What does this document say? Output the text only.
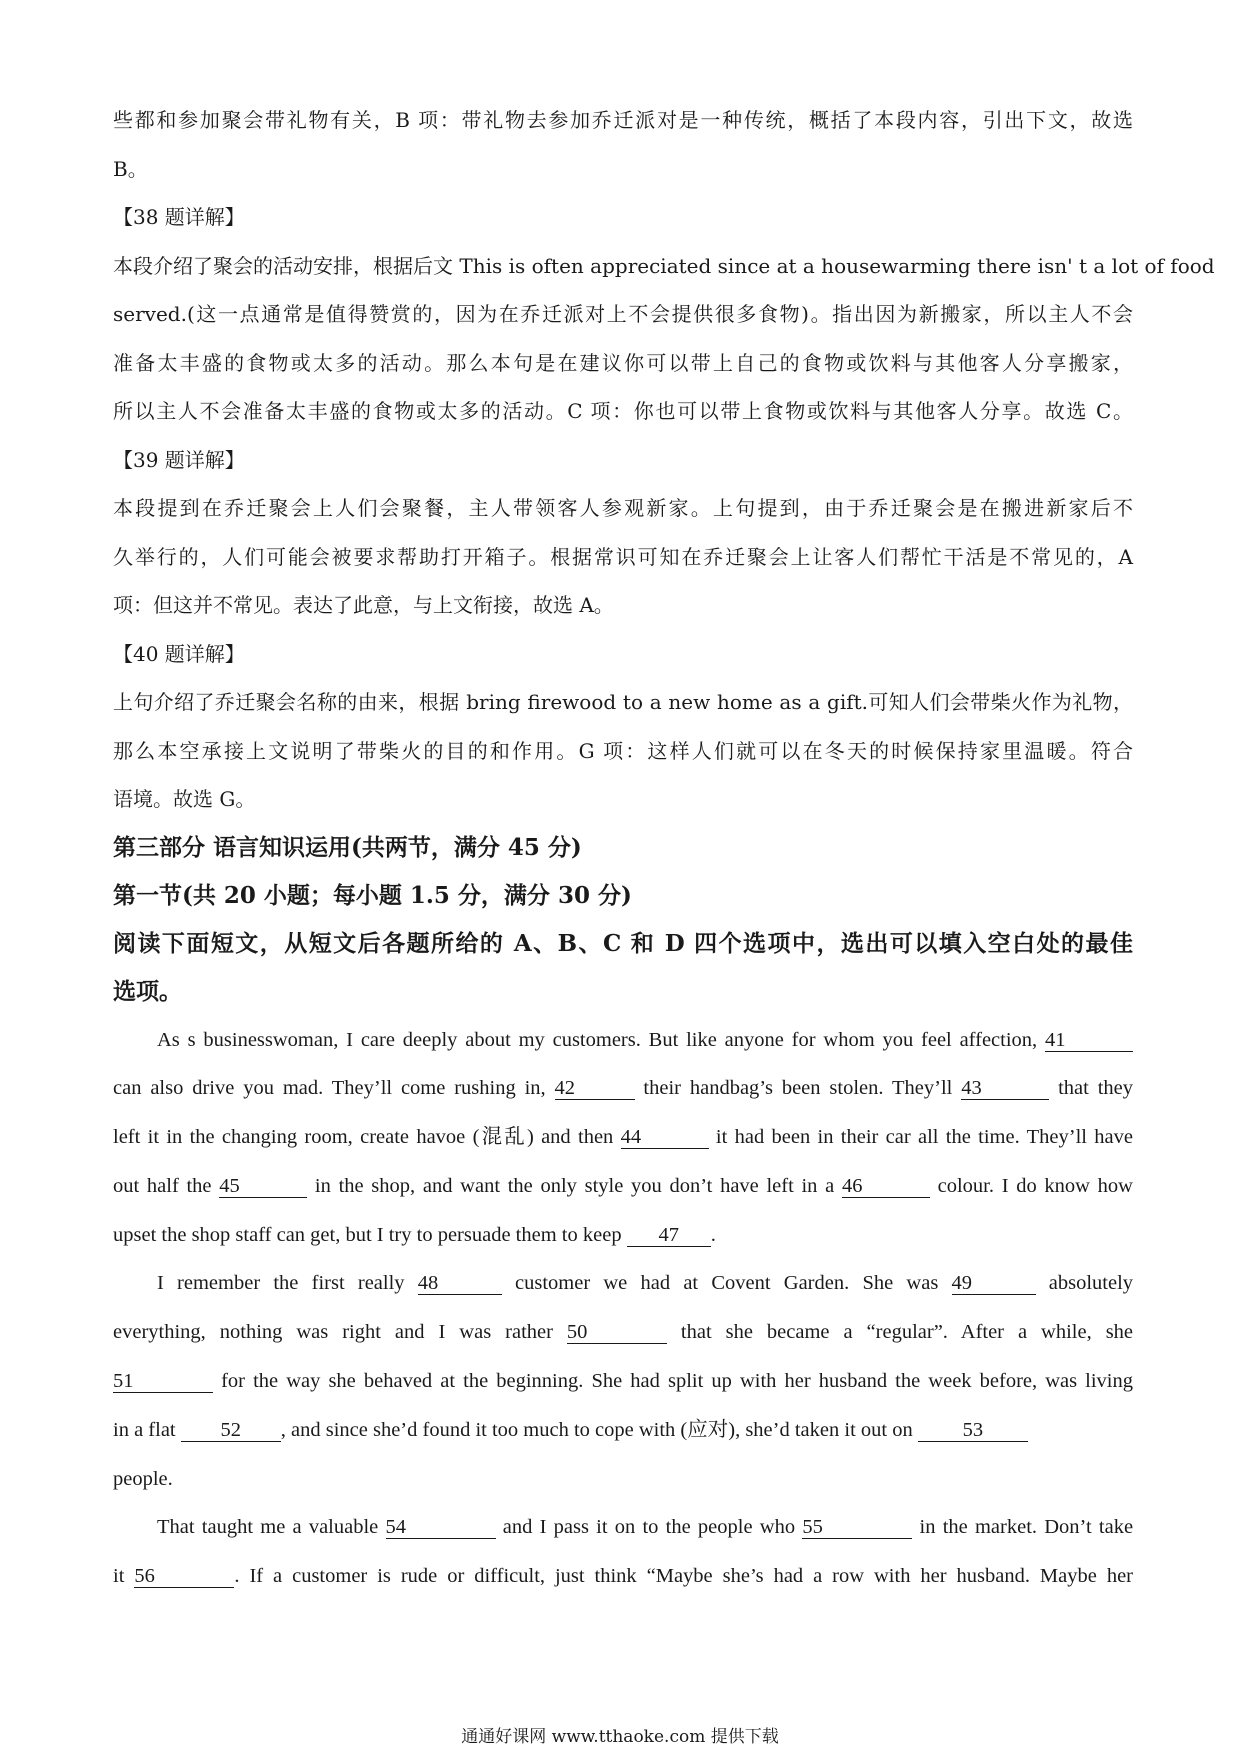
些都和参加聚会带礼物有关，B 项：带礼物去参加乔迁派对是一种传统，概括了本段内容，引出下文，故选
B。
【38 题详解】
本段介绍了聚会的活动安排，根据后文 This is often appreciated since at a housewarming there isn' t a lot of food
served.(这一点通常是值得赞赏的，因为在乔迁派对上不会提供很多食物)。指出因为新搬家，所以主人不会
准备太丰盛的食物或太多的活动。那么本句是在建议你可以带上自己的食物或饮料与其他客人分享搬家，
所以主人不会准备太丰盛的食物或太多的活动。C 项：你也可以带上食物或饮料与其他客人分享。故选 C。
【39 题详解】
本段提到在乔迁聚会上人们会聚餐，主人带领客人参观新家。上句提到，由于乔迁聚会是在搬进新家后不
久举行的，人们可能会被要求帮助打开箱子。根据常识可知在乔迁聚会上让客人们帮忙干活是不常见的，A
项：但这并不常见。表达了此意，与上文衔接，故选 A。
【40 题详解】
上句介绍了乔迁聚会名称的由来，根据 bring firewood to a new home as a gift.可知人们会带柴火作为礼物，
那么本空承接上文说明了带柴火的目的和作用。G 项：这样人们就可以在冬天的时候保持家里温暖。符合
语境。故选 G。
第三部分 语言知识运用(共两节，满分 45 分)
第一节(共 20 小题；每小题 1.5 分，满分 30 分)
阅读下面短文，从短文后各题所给的 A、B、C 和 D 四个选项中，选出可以填入空白处的最佳
选项。
As s businesswoman, I care deeply about my customers. But like anyone for whom you feel affection, 41
can also drive you mad. They’ll come rushing in, 42	their handbag’s been stolen. They’ll 43	that they
left it in the changing room, create havoe (混乱) and then 44	it had been in their car all the time. They’ll have
out half the 45	in the shop, and want the only style you don’t have left in a 46	colour. I do know how
upset the shop staff can get, but I try to persuade them to keep 47 .
I remember the first really 48	customer we had at Covent Garden. She was 49	absolutely
everything, nothing was right and I was rather 50	that she became a “regular”. After a while, she
51	for the way she behaved at the beginning. She had split up with her husband the week before, was living
in a flat 52 , and since she’d found it too much to cope with (应对), she’d taken it out on 53
people.
That taught me a valuable 54	and I pass it on to the people who 55	in the market. Don’t take
it 56	. If a customer is rude or difficult, just think “Maybe she’s had a row with her husband. Maybe her
通通好课网 www.tthaoke.com 提供下载
